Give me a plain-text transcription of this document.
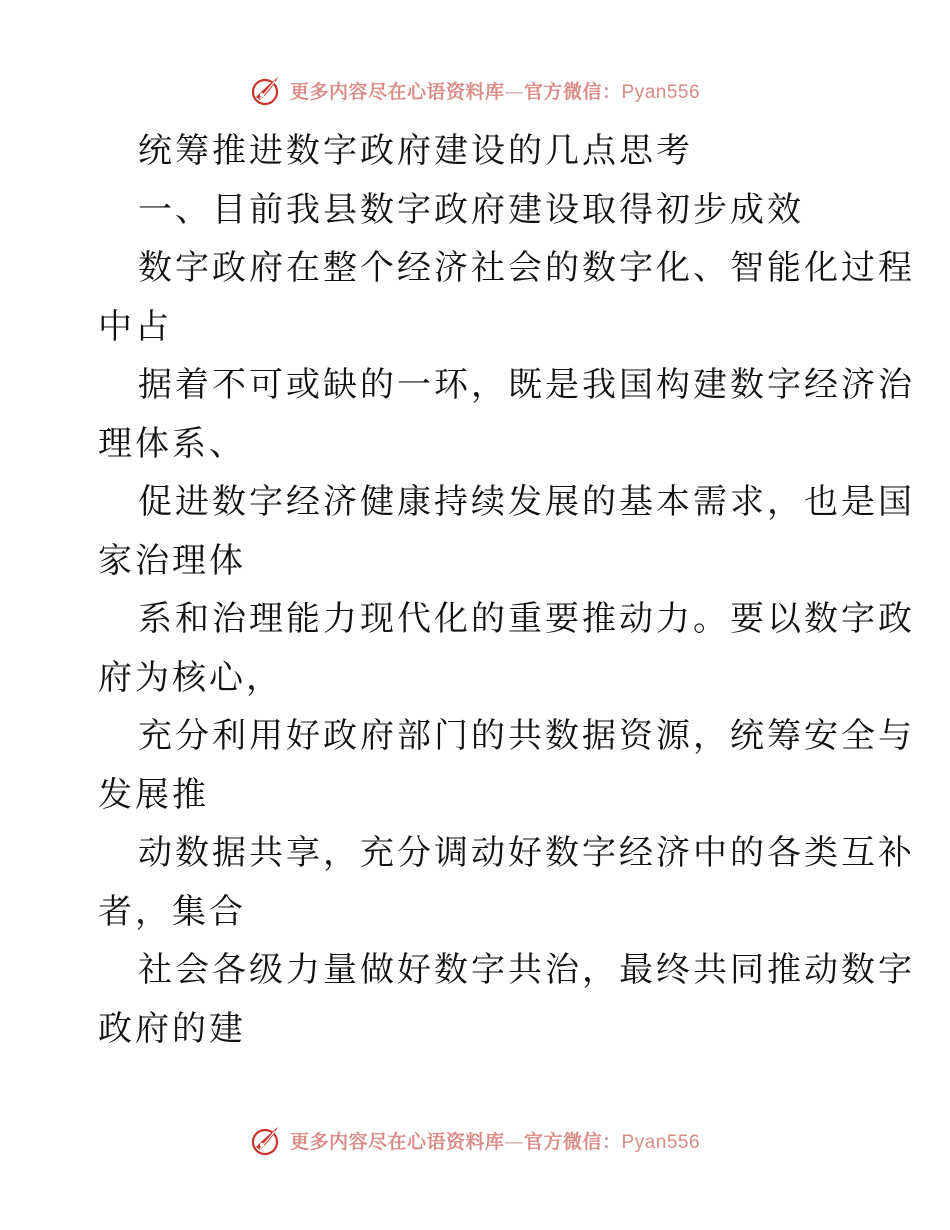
更多内容尽在心语资料库—官方微信：Pyan556
统筹推进数字政府建设的几点思考
一、目前我县数字政府建设取得初步成效
数字政府在整个经济社会的数字化、智能化过程
中占
据着不可或缺的一环，既是我国构建数字经济治
理体系、
促进数字经济健康持续发展的基本需求，也是国
家治理体
系和治理能力现代化的重要推动力。要以数字政
府为核心，
充分利用好政府部门的共数据资源，统筹安全与
发展推
动数据共享，充分调动好数字经济中的各类互补
者，集合
社会各级力量做好数字共治，最终共同推动数字
政府的建
更多内容尽在心语资料库—官方微信：Pyan556
